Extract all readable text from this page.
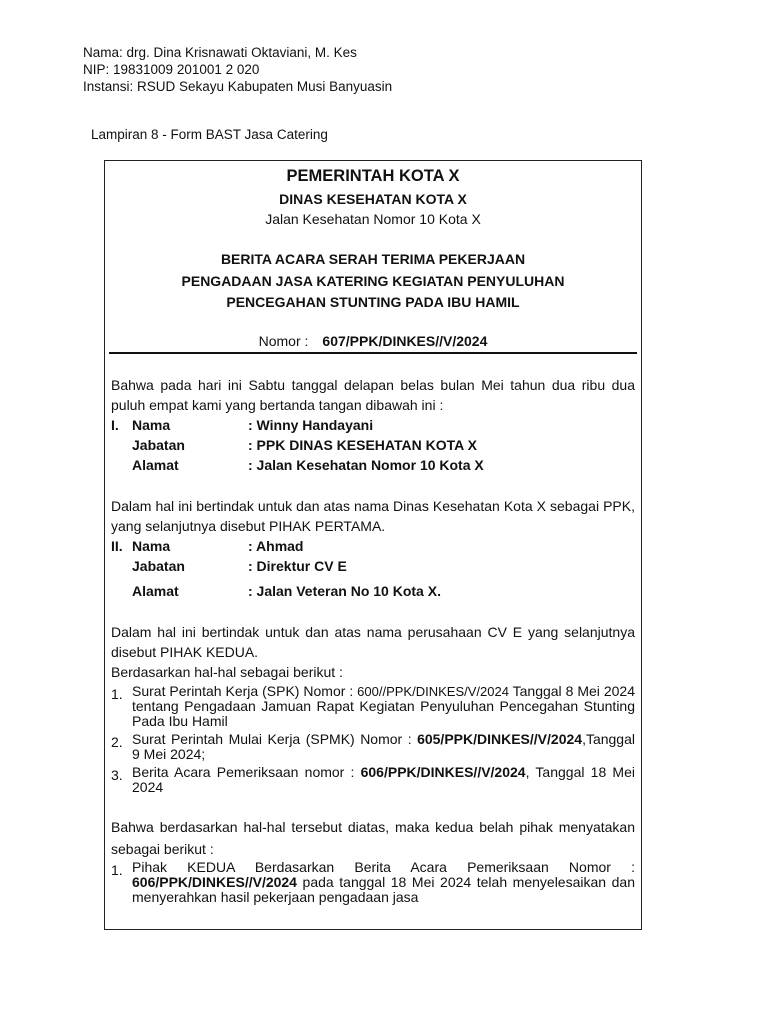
Nama: drg. Dina Krisnawati Oktaviani, M. Kes
NIP: 19831009 201001 2 020
Instansi: RSUD Sekayu Kabupaten Musi Banyuasin
Lampiran 8 - Form BAST Jasa Catering
PEMERINTAH KOTA X
DINAS KESEHATAN KOTA X
Jalan Kesehatan Nomor 10 Kota X
BERITA ACARA SERAH TERIMA PEKERJAAN
PENGADAAN JASA KATERING KEGIATAN PENYULUHAN
PENCEGAHAN STUNTING PADA IBU HAMIL
Nomor : 607/PPK/DINKES//V/2024

Bahwa pada hari ini Sabtu tanggal delapan belas bulan Mei tahun dua ribu dua puluh empat kami yang bertanda tangan dibawah ini :

I. Nama	: Winny Handayani
Jabatan	: PPK DINAS KESEHATAN KOTA X
Alamat	: Jalan Kesehatan Nomor 10 Kota X

Dalam hal ini bertindak untuk dan atas nama Dinas Kesehatan Kota X sebagai PPK, yang selanjutnya disebut PIHAK PERTAMA.

II. Nama	: Ahmad
Jabatan	: Direktur CV E
Alamat	: Jalan Veteran No 10 Kota X.

Dalam hal ini bertindak untuk dan atas nama perusahaan CV E yang selanjutnya disebut PIHAK KEDUA.

Berdasarkan hal-hal sebagai berikut :

1. Surat Perintah Kerja (SPK) Nomor : 600//PPK/DINKES/V/2024 Tanggal 8 Mei 2024 tentang Pengadaan Jamuan Rapat Kegiatan Penyuluhan Pencegahan Stunting Pada Ibu Hamil
2. Surat Perintah Mulai Kerja (SPMK) Nomor : 605/PPK/DINKES//V/2024,Tanggal 9 Mei 2024;
3. Berita Acara Pemeriksaan nomor : 606/PPK/DINKES//V/2024, Tanggal 18 Mei 2024

Bahwa berdasarkan hal-hal tersebut diatas, maka kedua belah pihak menyatakan sebagai berikut :

1. Pihak KEDUA Berdasarkan Berita Acara Pemeriksaan Nomor : 606/PPK/DINKES//V/2024 pada tanggal 18 Mei 2024 telah menyelesaikan dan menyerahkan hasil pekerjaan pengadaan jasa
